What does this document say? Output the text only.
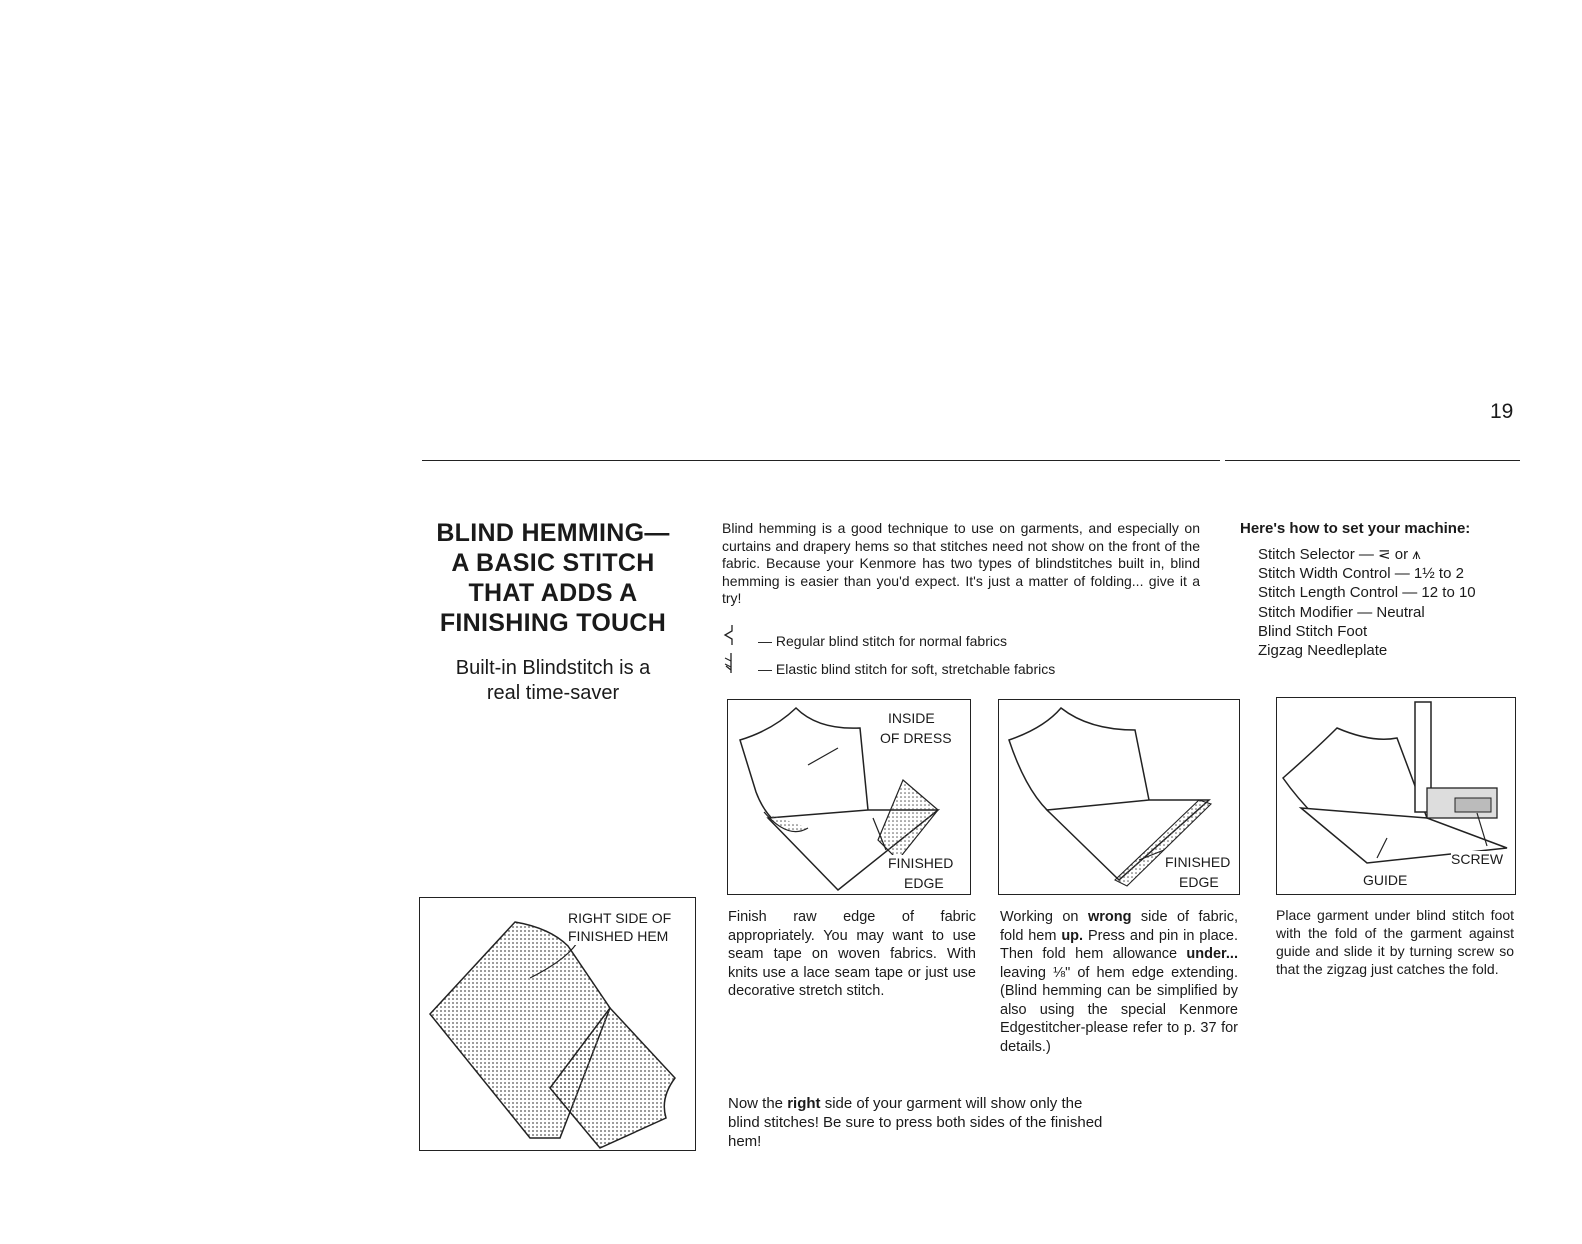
19
BLIND HEMMING—
A BASIC STITCH
THAT ADDS A
FINISHING TOUCH
Built-in Blindstitch is a
real time-saver
Blind hemming is a good technique to use on garments, and especially on curtains and drapery hems so that stitches need not show on the front of the fabric. Because your Kenmore has two types of blindstitches built in, blind hemming is easier than you'd expect. It's just a matter of folding... give it a try!
— Regular blind stitch for normal fabrics
— Elastic blind stitch for soft, stretchable fabrics
Here's how to set your machine:
Stitch Selector — ⋜ or ⩚
Stitch Width Control — 1½ to 2
Stitch Length Control — 12 to 10
Stitch Modifier — Neutral
Blind Stitch Foot
Zigzag Needleplate
INSIDE
OF DRESS
FINISHED
EDGE
FINISHED
EDGE
SCREW
GUIDE
RIGHT SIDE OF
FINISHED HEM
Finish raw edge of fabric appropriately. You may want to use seam tape on woven fabrics. With knits use a lace seam tape or just use decorative stretch stitch.
Working on wrong side of fabric, fold hem up. Press and pin in place. Then fold hem allowance under... leaving ⅛" of hem edge extending. (Blind hemming can be simplified by also using the special Kenmore Edgestitcher-please refer to p. 37 for details.)
Place garment under blind stitch foot with the fold of the garment against guide and slide it by turning screw so that the zigzag just catches the fold.
Now the right side of your garment will show only the blind stitches! Be sure to press both sides of the finished hem!
